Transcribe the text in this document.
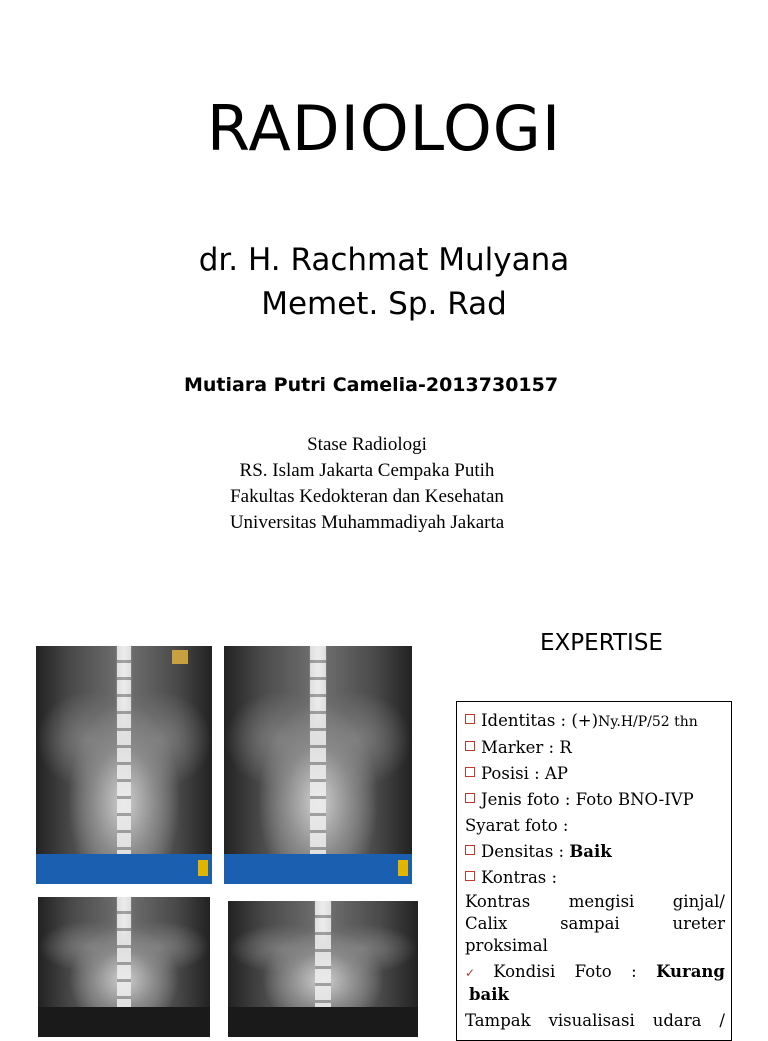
RADIOLOGI
dr. H. Rachmat Mulyana
Memet. Sp. Rad
Mutiara Putri Camelia-2013730157
Stase Radiologi
RS. Islam Jakarta Cempaka Putih
Fakultas Kedokteran dan Kesehatan
Universitas Muhammadiyah Jakarta
EXPERTISE
Identitas : (+)Ny.H/P/52 thn
Marker : R
Posisi : AP
Jenis foto : Foto BNO-IVP
Syarat foto :
Densitas : Baik
Kontras :
Kontras mengisi ginjal/
Calix sampai ureter
proksimal
✓ Kondisi Foto : Kurang
baik
Tampak visualisasi udara /
